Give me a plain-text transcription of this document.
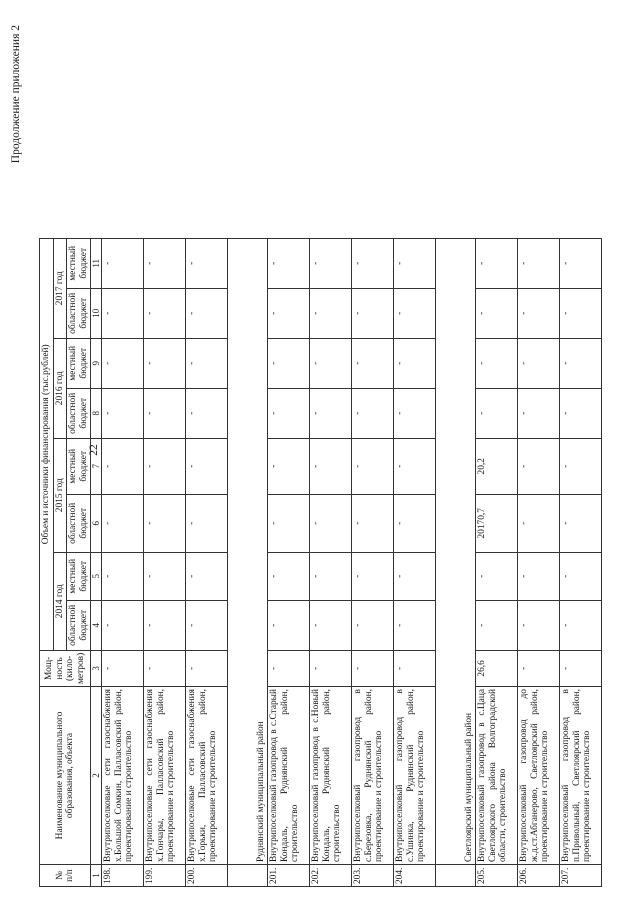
Продолжение приложения 2
22
№ п/п	Наименование муниципального образования, объекта	Мощ-ность (кило-метров)	Объем и источники финансирования (тыс.рублей)							
			2014 год		2015 год		2016 год		2017 год	
			областной бюджет	местный бюджет	областной бюджет	местный бюджет	областной бюджет	местный бюджет	областной бюджет	местный бюджет
1	2	3	4	5	6	7	8	9	10	11
198.	Внутрипоселковые сети газоснабжения х.Большой Сомкин, Палласовский район, проектирование и строительство	-	-	-	-	-	-	-	-	-
199.	Внутрипоселковые сети газоснабжения х.Гончары, Палласовский район, проектирование и строительство	-	-	-	-	-	-	-	-	-
200.	Внутрипоселковые сети газоснабжения х.Горьки, Палласовский район, проектирование и строительство	-	-	-	-	-	-	-	-	-
	Руднянский муниципальный район									
201.	Внутрипоселковый газопровод в с.Старый Кондаль, Руднянский район, строительство	-	-	-	-	-	-	-	-	-
202.	Внутрипоселковый газопровод в с.Новый Кондаль, Руднянский район, строительство	-	-	-	-	-	-	-	-	-
203.	Внутрипоселковый газопровод в с.Березовка, Руднянский район, проектирование и строительство	-	-	-	-	-	-	-	-	-
204.	Внутрипоселковый газопровод в с.Ушинка, Руднянский район, проектирование и строительство	-	-	-	-	-	-	-	-	-
	Светлоярский муниципальный район									
205.	Внутрипоселковый газопровод в с.Цаца Светлоярского района Волгоградской области, строительство	26,6	-	-	20170,7	20,2	-	-	-	-
206.	Внутрипоселковый газопровод до ж.д.ст.Абганерово, Светлоярский район, проектирование и строительство	-	-	-	-	-	-	-	-	-
207.	Внутрипоселковый газопровод в п.Привольный, Светлоярский район, проектирование и строительство	-	-	-	-	-	-	-	-	-
